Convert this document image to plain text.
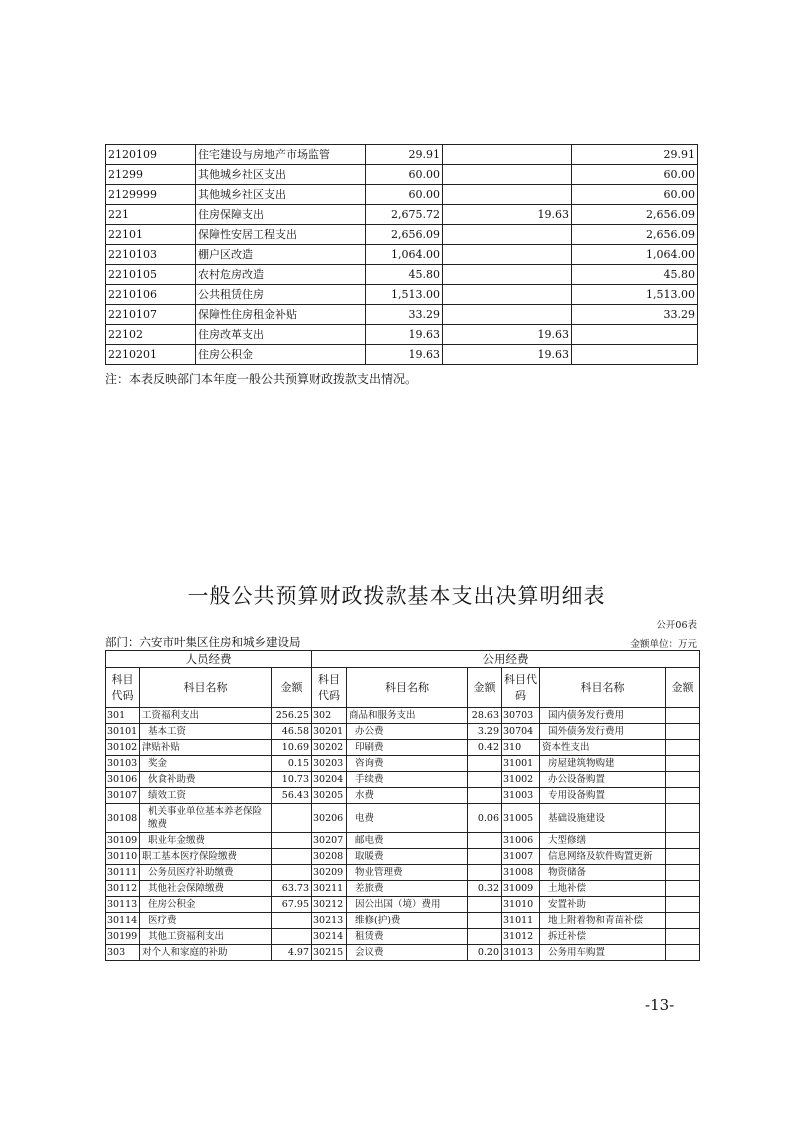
2120109	住宅建设与房地产市场监管	29.91		29.91
21299	其他城乡社区支出	60.00		60.00
2129999	其他城乡社区支出	60.00		60.00
221	住房保障支出	2,675.72	19.63	2,656.09
22101	保障性安居工程支出	2,656.09		2,656.09
2210103	棚户区改造	1,064.00		1,064.00
2210105	农村危房改造	45.80		45.80
2210106	公共租赁住房	1,513.00		1,513.00
2210107	保障性住房租金补贴	33.29		33.29
22102	住房改革支出	19.63	19.63	
2210201	住房公积金	19.63	19.63	
注：本表反映部门本年度一般公共预算财政拨款支出情况。
一般公共预算财政拨款基本支出决算明细表
公开06表
部门：六安市叶集区住房和城乡建设局	金额单位：万元
人员经费			公用经费					
科目代码	科目名称	金额	科目代码	科目名称	金额	科目代码	科目名称	金额
301	工资福利支出	256.25	302	商品和服务支出	28.63	30703	国内债务发行费用	
30101	基本工资	46.58	30201	办公费	3.29	30704	国外债务发行费用	
30102	津贴补贴	10.69	30202	印刷费	0.42	310	资本性支出	
30103	奖金	0.15	30203	咨询费		31001	房屋建筑物购建	
30106	伙食补助费	10.73	30204	手续费		31002	办公设备购置	
30107	绩效工资	56.43	30205	水费		31003	专用设备购置	
30108	机关事业单位基本养老保险缴费		30206	电费	0.06	31005	基础设施建设	
30109	职业年金缴费		30207	邮电费		31006	大型修缮	
30110	职工基本医疗保险缴费		30208	取暖费		31007	信息网络及软件购置更新	
30111	公务员医疗补助缴费		30209	物业管理费		31008	物资储备	
30112	其他社会保障缴费	63.73	30211	差旅费	0.32	31009	土地补偿	
30113	住房公积金	67.95	30212	因公出国（境）费用		31010	安置补助	
30114	医疗费		30213	维修(护)费		31011	地上附着物和青苗补偿	
30199	其他工资福利支出		30214	租赁费		31012	拆迁补偿	
303	对个人和家庭的补助	4.97	30215	会议费	0.20	31013	公务用车购置	
-13-
